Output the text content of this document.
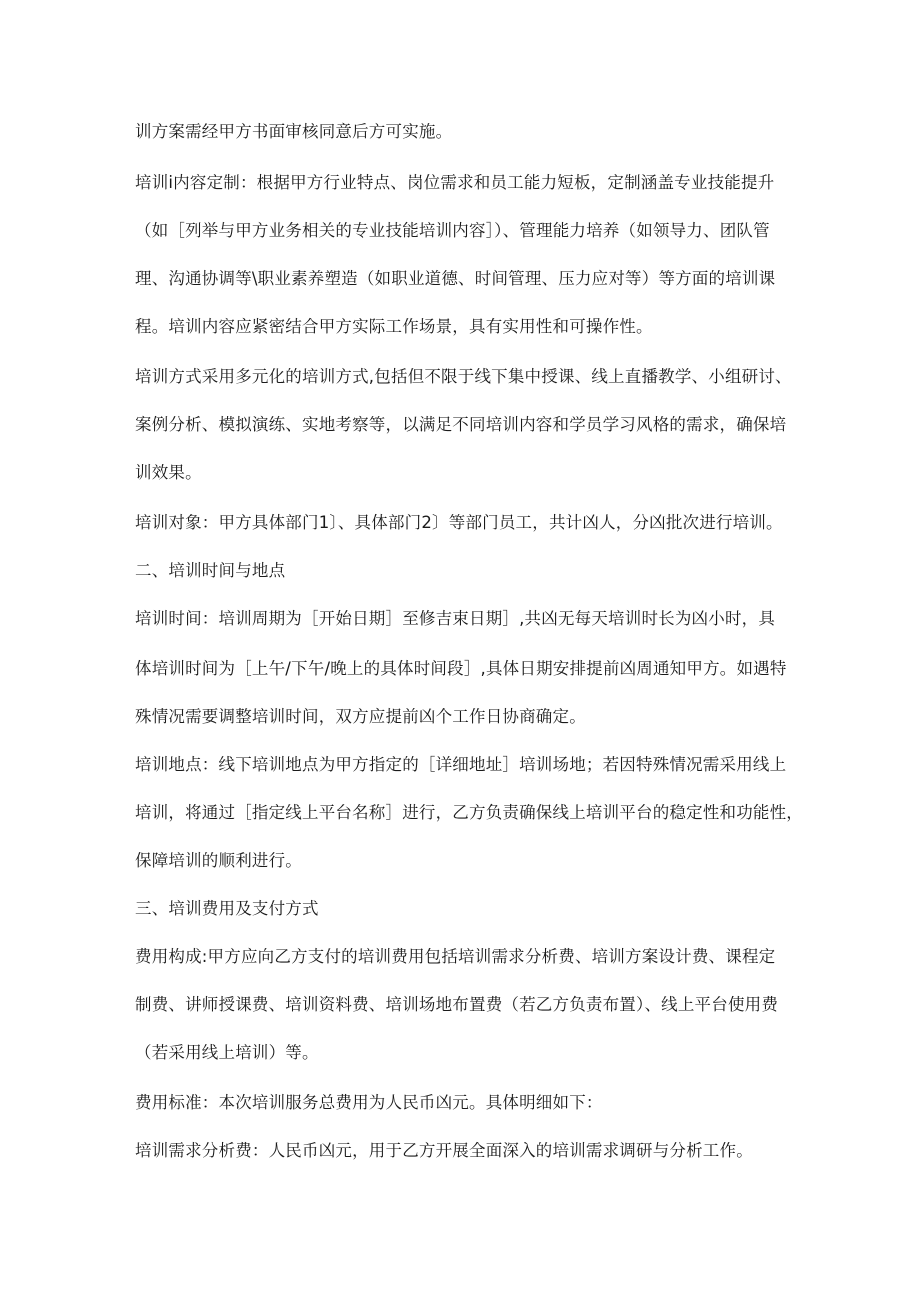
训方案需经甲方书面审核同意后方可实施。
培训i内容定制：根据甲方行业特点、岗位需求和员工能力短板，定制涵盖专业技能提升
（如［列举与甲方业务相关的专业技能培训内容］）、管理能力培养（如领导力、团队管
理、沟通协调等\职业素养塑造（如职业道德、时间管理、压力应对等）等方面的培训课
程。培训内容应紧密结合甲方实际工作场景，具有实用性和可操作性。
培训方式采用多元化的培训方式,包括但不限于线下集中授课、线上直播教学、小组研讨、
案例分析、模拟演练、实地考察等，以满足不同培训内容和学员学习风格的需求，确保培
训效果。
培训对象：甲方具体部门1〕、具体部门2〕等部门员工，共计凶人，分凶批次进行培训。
二、培训时间与地点
培训时间：培训周期为［开始日期］至修吉束日期］,共凶无每天培训时长为凶小时，具
体培训时间为［上午/下午/晚上的具体时间段］,具体日期安排提前凶周通知甲方。如遇特
殊情况需要调整培训时间，双方应提前凶个工作日协商确定。
培训地点：线下培训地点为甲方指定的［详细地址］培训场地；若因特殊情况需采用线上
培训，将通过［指定线上平台名称］进行，乙方负责确保线上培训平台的稳定性和功能性，
保障培训的顺利进行。
三、培训费用及支付方式
费用构成:甲方应向乙方支付的培训费用包括培训需求分析费、培训方案设计费、课程定
制费、讲师授课费、培训资料费、培训场地布置费（若乙方负责布置）、线上平台使用费
（若采用线上培训）等。
费用标准：本次培训服务总费用为人民币凶元。具体明细如下：
培训需求分析费：人民币凶元，用于乙方开展全面深入的培训需求调研与分析工作。
